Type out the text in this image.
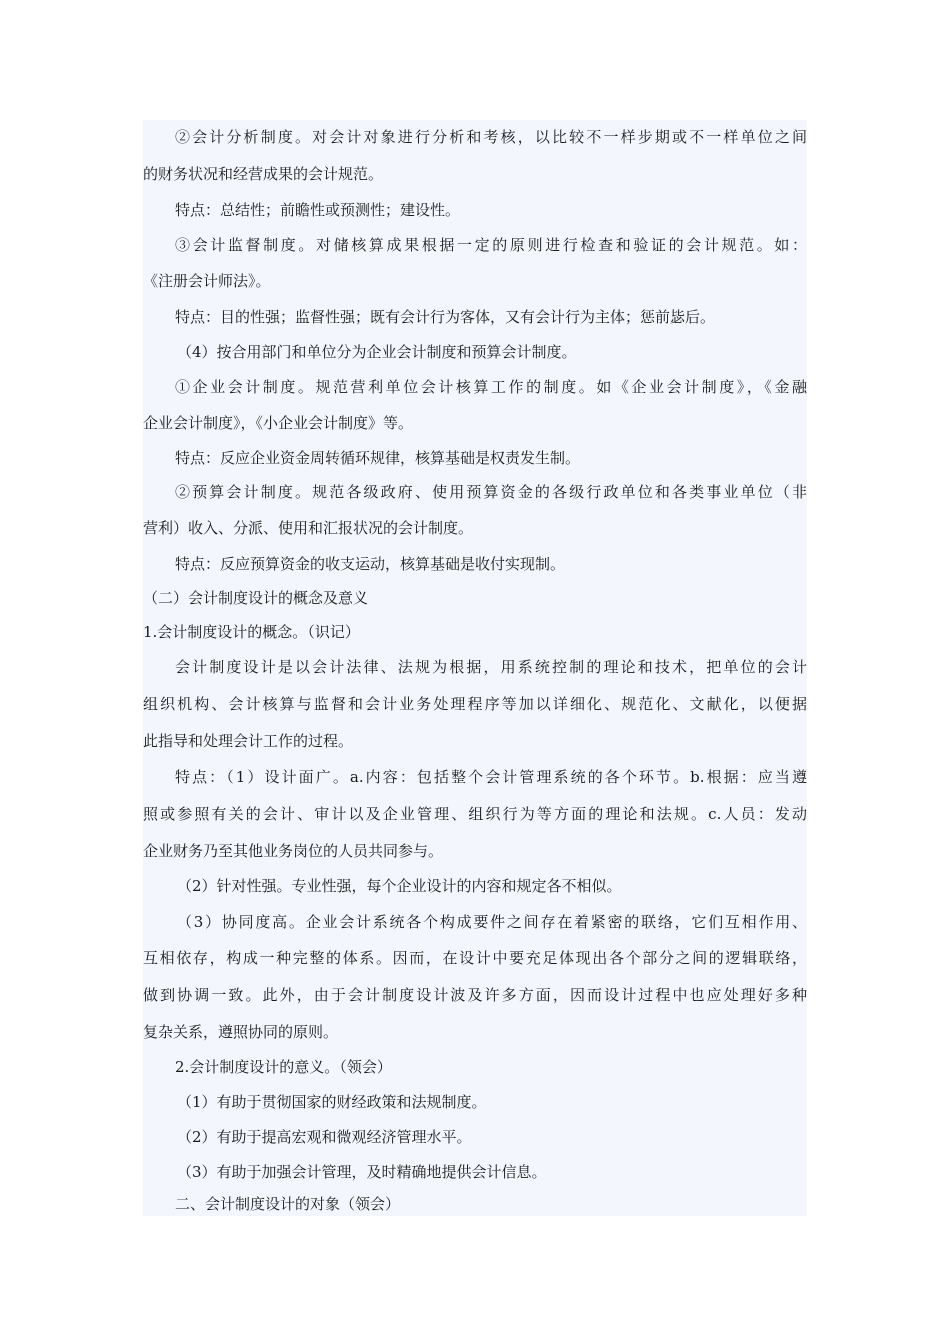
②会计分析制度。对会计对象进行分析和考核，以比较不一样步期或不一样单位之间
的财务状况和经营成果的会计规范。
特点：总结性；前瞻性或预测性；建设性。
③会计监督制度。对储核算成果根据一定的原则进行检查和验证的会计规范。如：
《注册会计师法》。
特点：目的性强；监督性强；既有会计行为客体，又有会计行为主体；惩前毖后。
（4）按合用部门和单位分为企业会计制度和预算会计制度。
①企业会计制度。规范营利单位会计核算工作的制度。如《企业会计制度》，《金融
企业会计制度》，《小企业会计制度》等。
特点：反应企业资金周转循环规律，核算基础是权责发生制。
②预算会计制度。规范各级政府、使用预算资金的各级行政单位和各类事业单位（非
营利）收入、分派、使用和汇报状况的会计制度。
特点：反应预算资金的收支运动，核算基础是收付实现制。
（二）会计制度设计的概念及意义
1.会计制度设计的概念。（识记）
会计制度设计是以会计法律、法规为根据，用系统控制的理论和技术，把单位的会计
组织机构、会计核算与监督和会计业务处理程序等加以详细化、规范化、文献化，以便据
此指导和处理会计工作的过程。
特点：（1）设计面广。a.内容：包括整个会计管理系统的各个环节。b.根据：应当遵
照或参照有关的会计、审计以及企业管理、组织行为等方面的理论和法规。c.人员：发动
企业财务乃至其他业务岗位的人员共同参与。
（2）针对性强。专业性强，每个企业设计的内容和规定各不相似。
（3）协同度高。企业会计系统各个构成要件之间存在着紧密的联络，它们互相作用、
互相依存，构成一种完整的体系。因而，在设计中要充足体现出各个部分之间的逻辑联络，
做到协调一致。此外，由于会计制度设计波及许多方面，因而设计过程中也应处理好多种
复杂关系，遵照协同的原则。
2.会计制度设计的意义。（领会）
（1）有助于贯彻国家的财经政策和法规制度。
（2）有助于提高宏观和微观经济管理水平。
（3）有助于加强会计管理，及时精确地提供会计信息。
二、会计制度设计的对象（领会）
